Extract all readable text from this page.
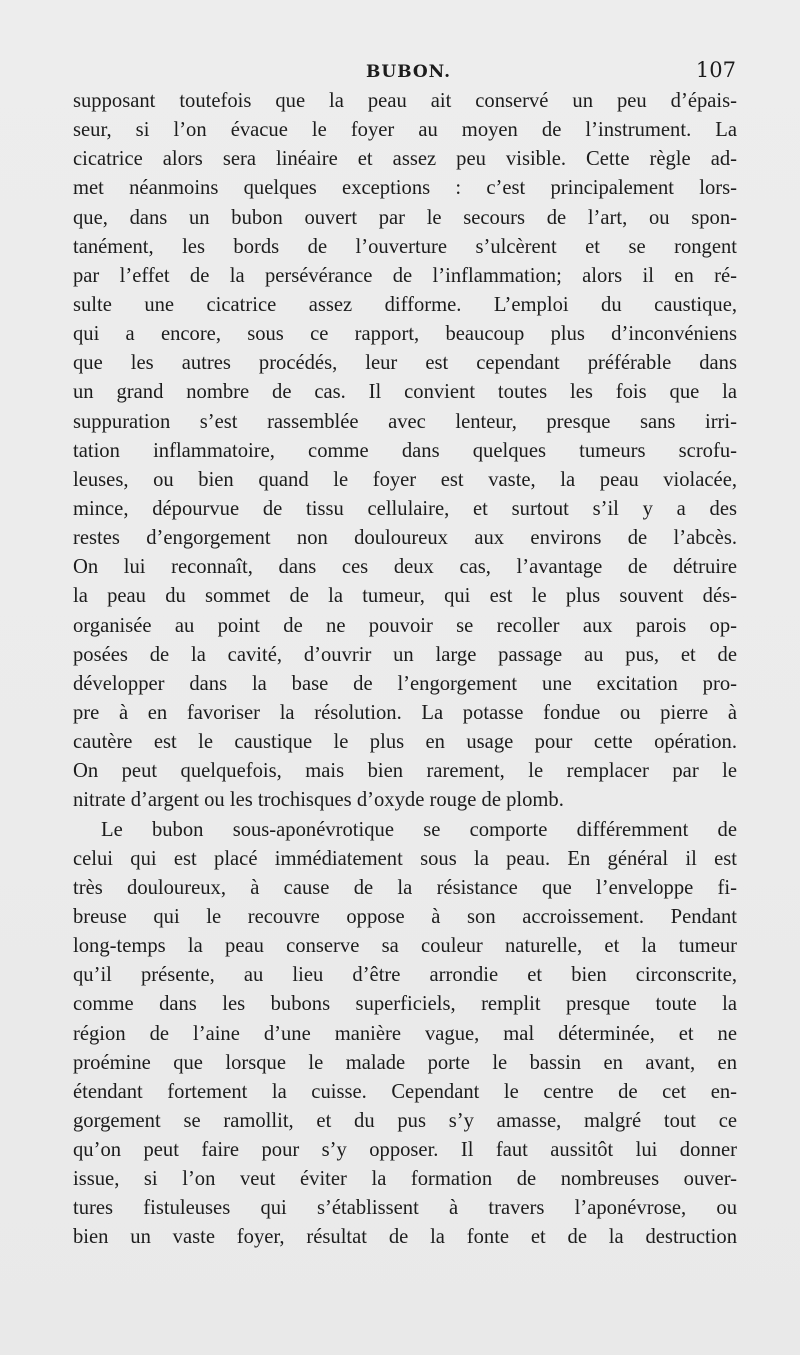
BUBON.	107
supposant toutefois que la peau ait conservé un peu d’épais-
seur, si l’on évacue le foyer au moyen de l’instrument. La
cicatrice alors sera linéaire et assez peu visible. Cette règle ad-
met néanmoins quelques exceptions : c’est principalement lors-
que, dans un bubon ouvert par le secours de l’art, ou spon-
tanément, les bords de l’ouverture s’ulcèrent et se rongent
par l’effet de la persévérance de l’inflammation; alors il en ré-
sulte une cicatrice assez difforme. L’emploi du caustique,
qui a encore, sous ce rapport, beaucoup plus d’inconvéniens
que les autres procédés, leur est cependant préférable dans
un grand nombre de cas. Il convient toutes les fois que la
suppuration s’est rassemblée avec lenteur, presque sans irri-
tation inflammatoire, comme dans quelques tumeurs scrofu-
leuses, ou bien quand le foyer est vaste, la peau violacée,
mince, dépourvue de tissu cellulaire, et surtout s’il y a des
restes d’engorgement non douloureux aux environs de l’abcès.
On lui reconnaît, dans ces deux cas, l’avantage de détruire
la peau du sommet de la tumeur, qui est le plus souvent dés-
organisée au point de ne pouvoir se recoller aux parois op-
posées de la cavité, d’ouvrir un large passage au pus, et de
développer dans la base de l’engorgement une excitation pro-
pre à en favoriser la résolution. La potasse fondue ou pierre à
cautère est le caustique le plus en usage pour cette opération.
On peut quelquefois, mais bien rarement, le remplacer par le
nitrate d’argent ou les trochisques d’oxyde rouge de plomb.
Le bubon sous-aponévrotique se comporte différemment de
celui qui est placé immédiatement sous la peau. En général il est
très douloureux, à cause de la résistance que l’enveloppe fi-
breuse qui le recouvre oppose à son accroissement. Pendant
long-temps la peau conserve sa couleur naturelle, et la tumeur
qu’il présente, au lieu d’être arrondie et bien circonscrite,
comme dans les bubons superficiels, remplit presque toute la
région de l’aine d’une manière vague, mal déterminée, et ne
proémine que lorsque le malade porte le bassin en avant, en
étendant fortement la cuisse. Cependant le centre de cet en-
gorgement se ramollit, et du pus s’y amasse, malgré tout ce
qu’on peut faire pour s’y opposer. Il faut aussitôt lui donner
issue, si l’on veut éviter la formation de nombreuses ouver-
tures fistuleuses qui s’établissent à travers l’aponévrose, ou
bien un vaste foyer, résultat de la fonte et de la destruction
